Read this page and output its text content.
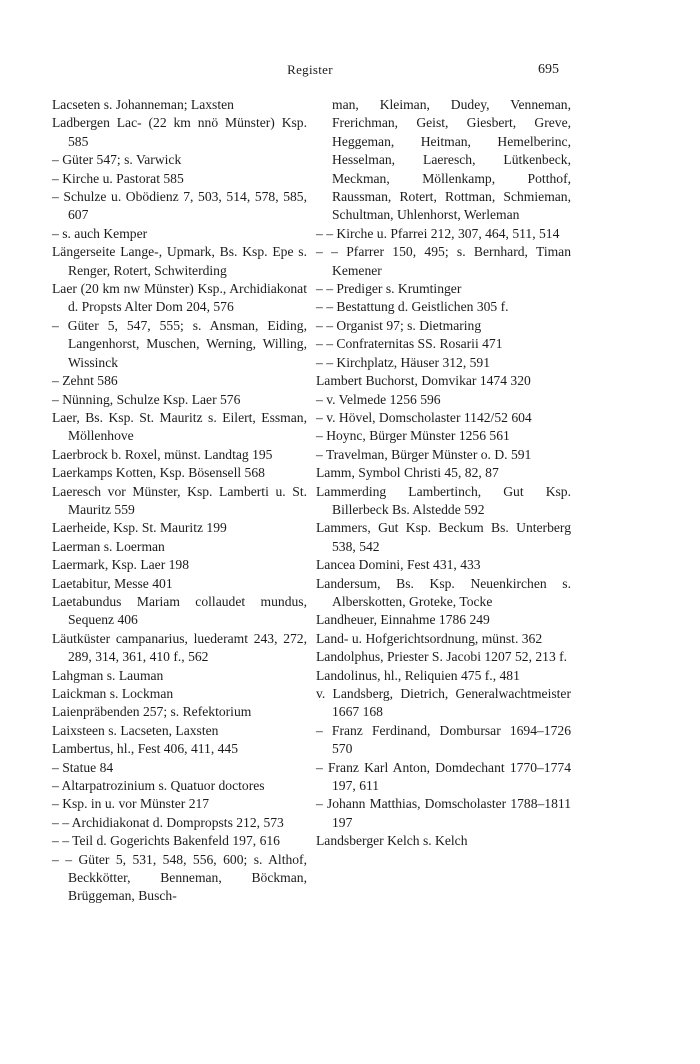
Register	695

Lacseten s. Johanneman; Laxsten

Ladbergen Lac- (22 km nnö Münster) Ksp. 585

– Güter 547; s. Varwick

– Kirche u. Pastorat 585

– Schulze u. Obödienz 7, 503, 514, 578, 585, 607

– s. auch Kemper

Längerseite Lange-, Upmark, Bs. Ksp. Epe s. Renger, Rotert, Schwiterding

Laer (20 km nw Münster) Ksp., Archidiakonat d. Propsts Alter Dom 204, 576

– Güter 5, 547, 555; s. Ansman, Eiding, Langenhorst, Muschen, Werning, Willing, Wissinck

– Zehnt 586

– Nünning, Schulze Ksp. Laer 576

Laer, Bs. Ksp. St. Mauritz s. Eilert, Essman, Möllenhove

Laerbrock b. Roxel, münst. Landtag 195

Laerkamps Kotten, Ksp. Bösensell 568

Laeresch vor Münster, Ksp. Lamberti u. St. Mauritz 559

Laerheide, Ksp. St. Mauritz 199

Laerman s. Loerman

Laermark, Ksp. Laer 198

Laetabitur, Messe 401

Laetabundus Mariam collaudet mundus, Sequenz 406

Läutküster campanarius, luederamt 243, 272, 289, 314, 361, 410 f., 562

Lahgman s. Lauman

Laickman s. Lockman

Laienpräbenden 257; s. Refektorium

Laixsteen s. Lacseten, Laxsten

Lambertus, hl., Fest 406, 411, 445

– Statue 84

– Altarpatrozinium s. Quatuor doctores

– Ksp. in u. vor Münster 217

– – Archidiakonat d. Dompropsts 212, 573

– – Teil d. Gogerichts Bakenfeld 197, 616

– – Güter 5, 531, 548, 556, 600; s. Althof, Beckkötter, Benneman, Böckman, Brüggeman, Busch-

man, Kleiman, Dudey, Venneman, Frerichman, Geist, Giesbert, Greve, Heggeman, Heitman, Hemelberinc, Hesselman, Laeresch, Lütkenbeck, Meckman, Möllenkamp, Potthof, Raussman, Rotert, Rottman, Schmieman, Schultman, Uhlenhorst, Werleman

– – Kirche u. Pfarrei 212, 307, 464, 511, 514

– – Pfarrer 150, 495; s. Bernhard, Timan Kemener

– – Prediger s. Krumtinger

– – Bestattung d. Geistlichen 305 f.

– – Organist 97; s. Dietmaring

– – Confraternitas SS. Rosarii 471

– – Kirchplatz, Häuser 312, 591

Lambert Buchorst, Domvikar 1474 320

– v. Velmede 1256 596

– v. Hövel, Domscholaster 1142/52 604

– Hoync, Bürger Münster 1256 561

– Travelman, Bürger Münster o. D. 591

Lamm, Symbol Christi 45, 82, 87

Lammerding Lambertinch, Gut Ksp. Billerbeck Bs. Alstedde 592

Lammers, Gut Ksp. Beckum Bs. Unterberg 538, 542

Lancea Domini, Fest 431, 433

Landersum, Bs. Ksp. Neuenkirchen s. Alberskotten, Groteke, Tocke

Landheuer, Einnahme 1786 249

Land- u. Hofgerichtsordnung, münst. 362

Landolphus, Priester S. Jacobi 1207 52, 213 f.

Landolinus, hl., Reliquien 475 f., 481

v. Landsberg, Dietrich, Generalwachtmeister 1667 168

– Franz Ferdinand, Dombursar 1694–1726 570

– Franz Karl Anton, Domdechant 1770–1774 197, 611

– Johann Matthias, Domscholaster 1788–1811 197

Landsberger Kelch s. Kelch
